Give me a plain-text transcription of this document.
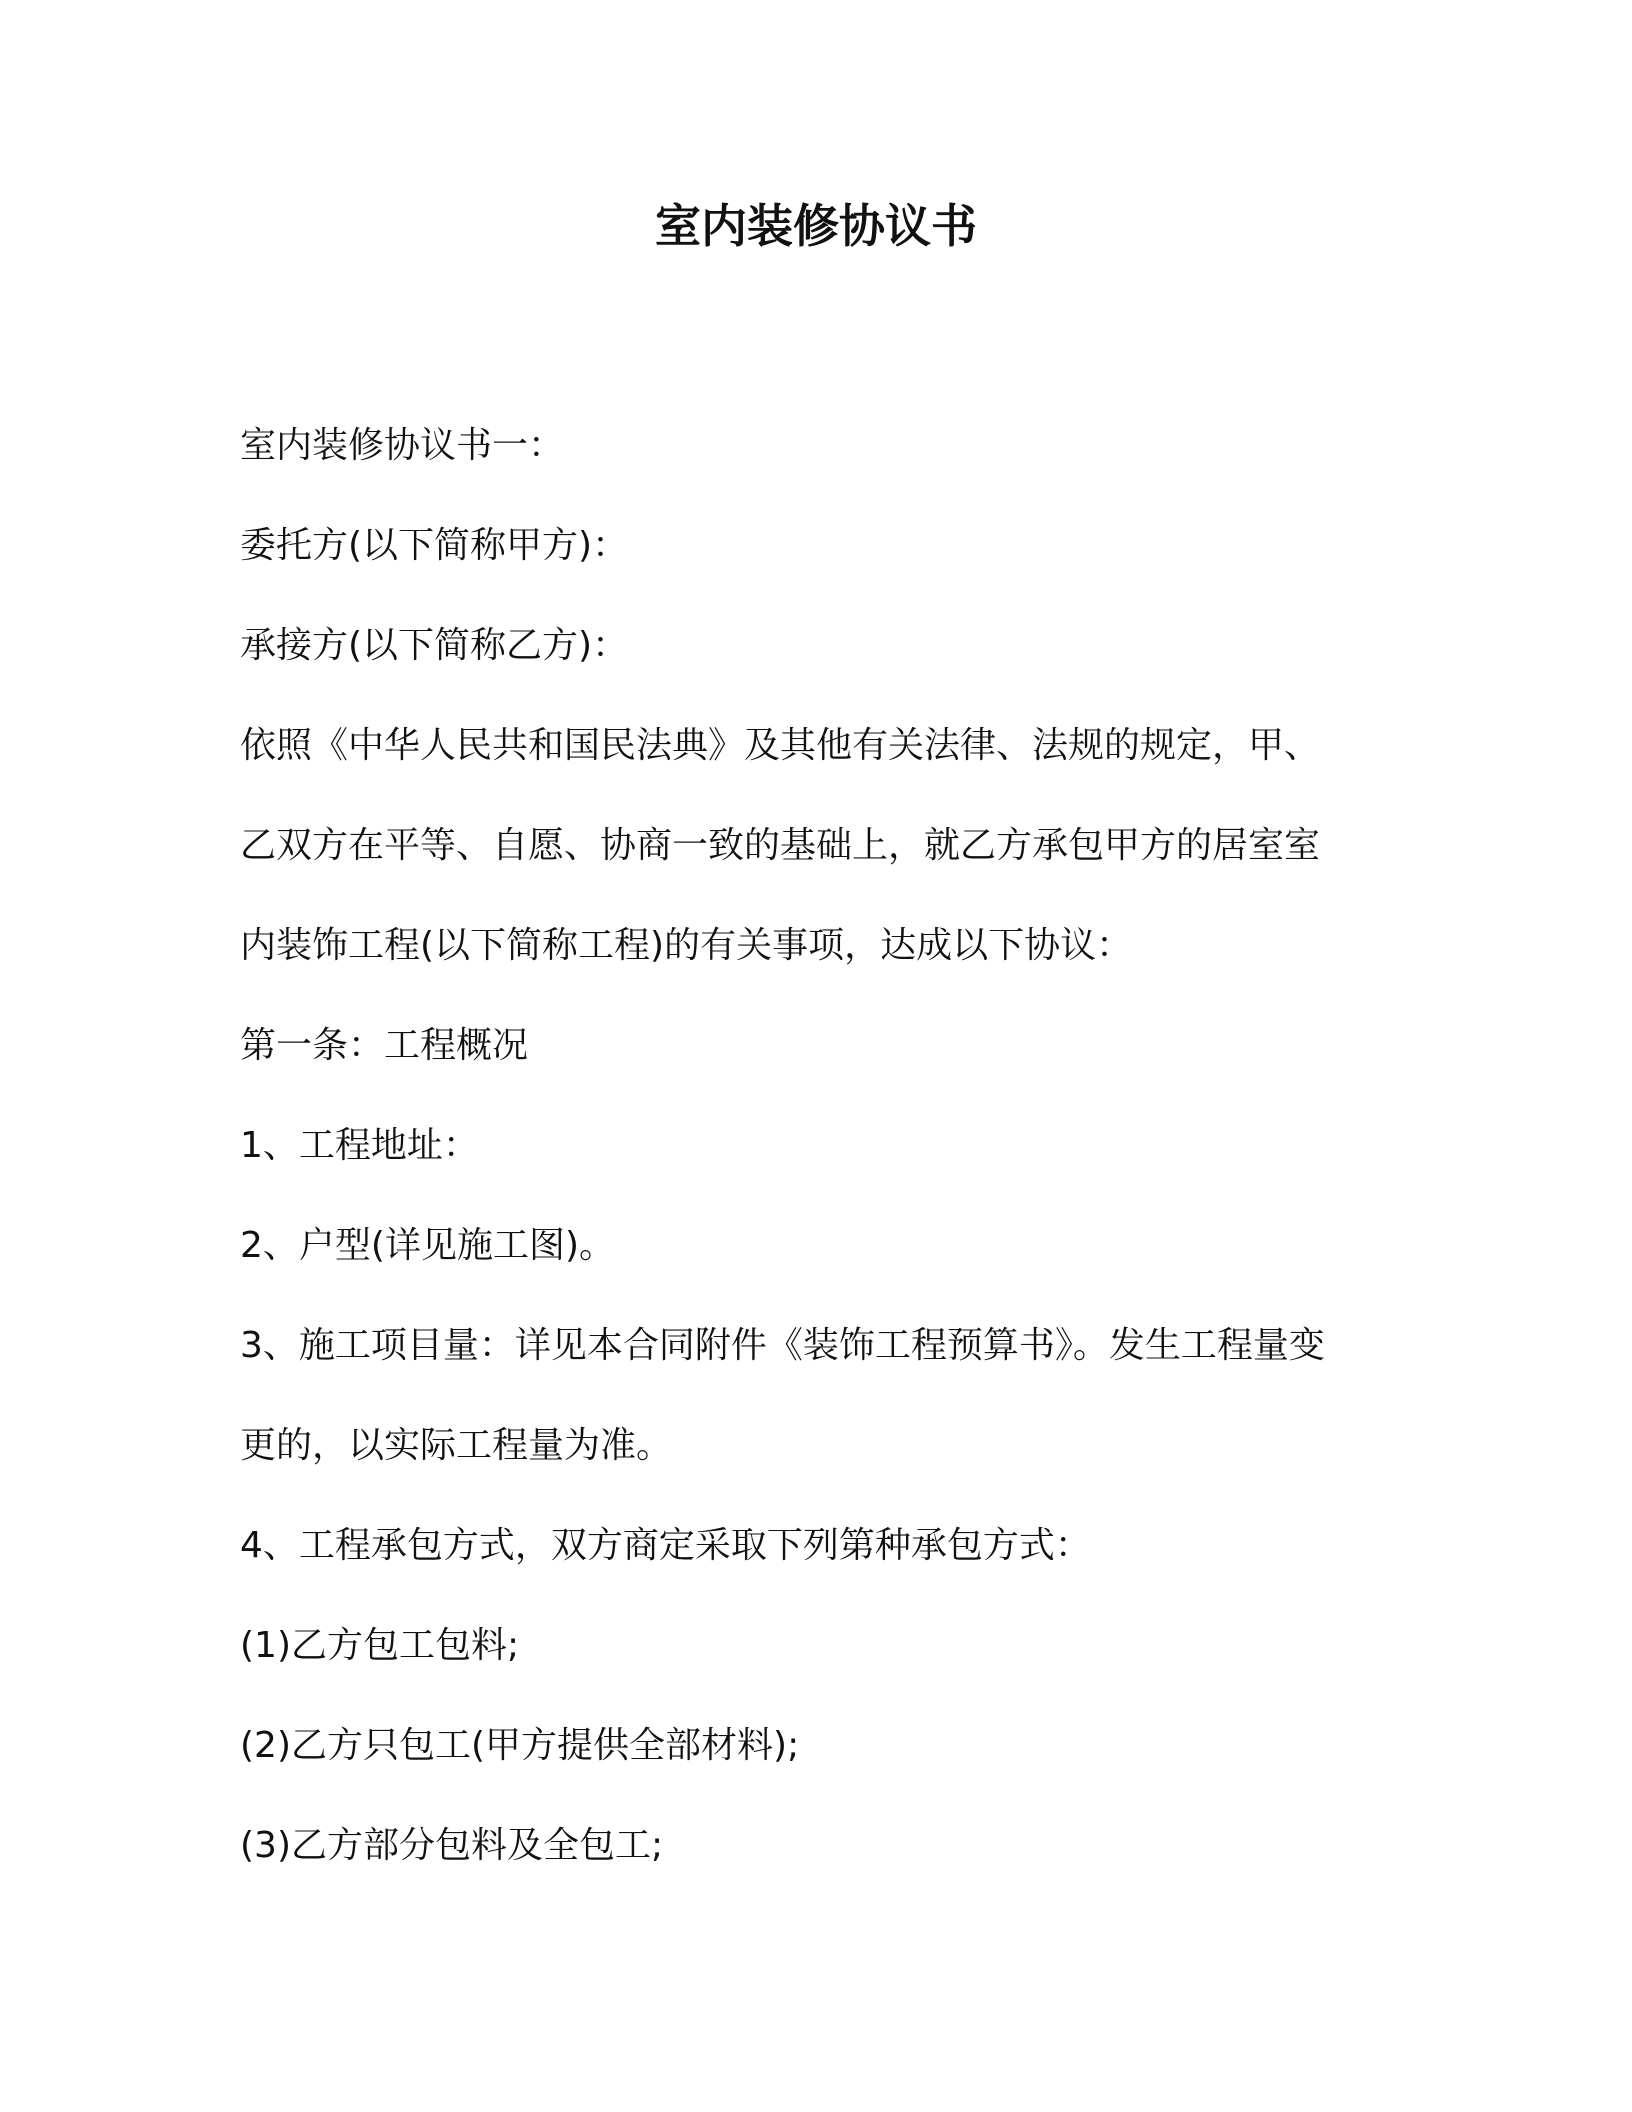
室内装修协议书

室内装修协议书一：

委托方(以下简称甲方)：

承接方(以下简称乙方)：

依照《中华人民共和国民法典》及其他有关法律、法规的规定，甲、

乙双方在平等、自愿、协商一致的基础上，就乙方承包甲方的居室室

内装饰工程(以下简称工程)的有关事项，达成以下协议：

第一条：工程概况

1、工程地址：

2、户型(详见施工图)。

3、施工项目量：详见本合同附件《装饰工程预算书》。发生工程量变

更的，以实际工程量为准。

4、工程承包方式，双方商定采取下列第种承包方式：

(1)乙方包工包料;

(2)乙方只包工(甲方提供全部材料);

(3)乙方部分包料及全包工;
